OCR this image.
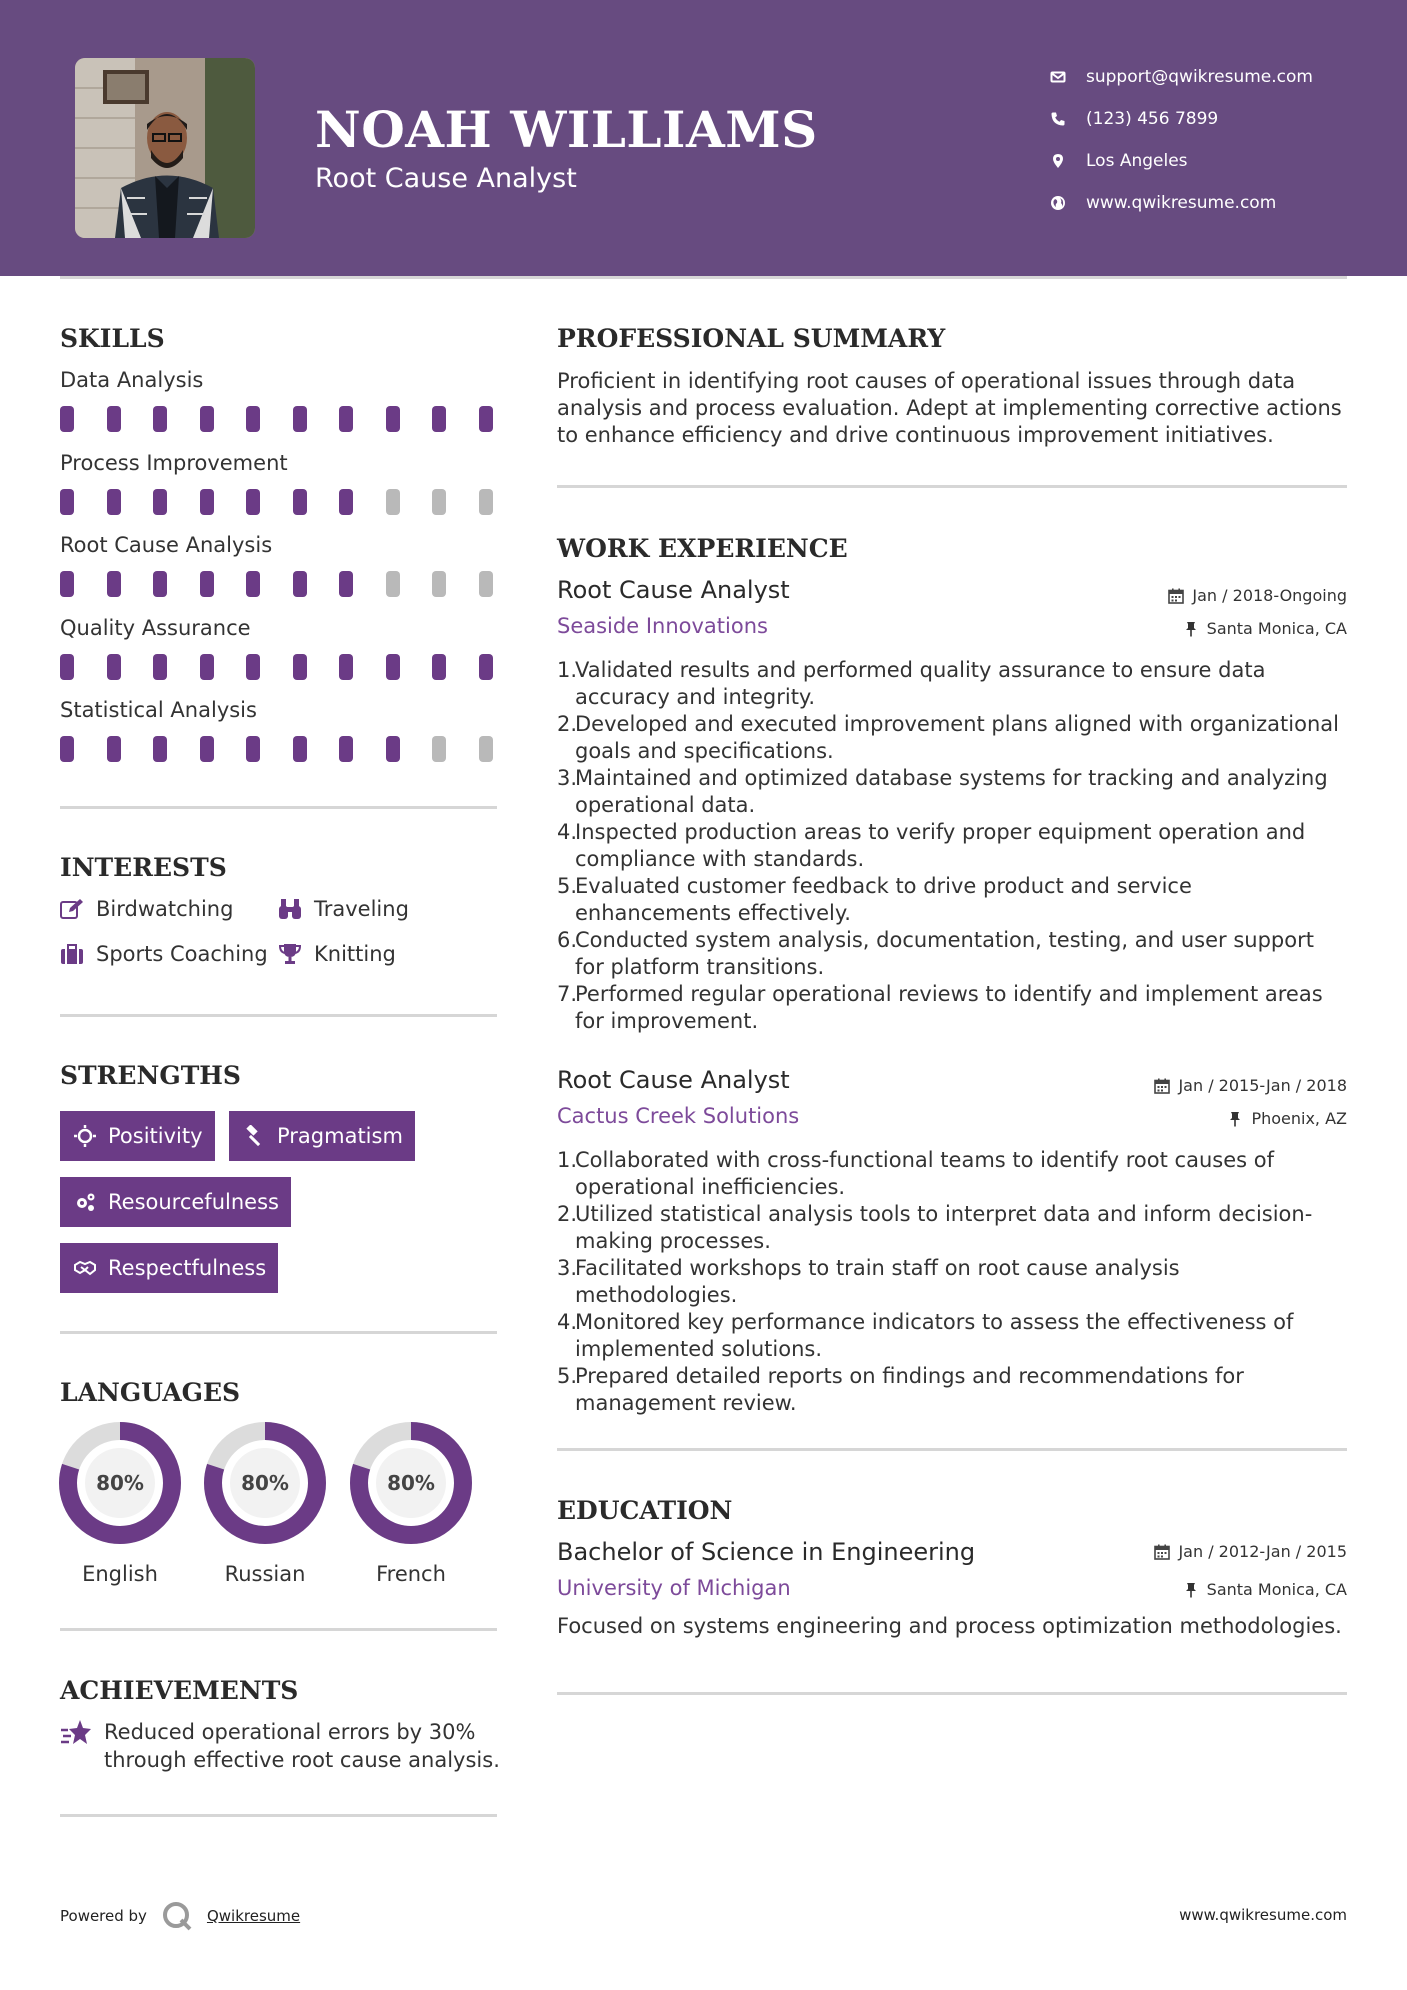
NOAH WILLIAMS
Root Cause Analyst
support@qwikresume.com
(123) 456 7899
Los Angeles
www.qwikresume.com
SKILLS
Data Analysis
Process Improvement
Root Cause Analysis
Quality Assurance
Statistical Analysis
INTERESTS
Birdwatching	Traveling
Sports Coaching Knitting
STRENGTHS
Positivity	Pragmatism
Resourcefulness
Respectfulness
LANGUAGES
80%
English
80%
Russian
80%
French
ACHIEVEMENTS
Reduced operational errors by 30% through effective root cause analysis.
PROFESSIONAL SUMMARY
Proficient in identifying root causes of operational issues through data analysis and process evaluation. Adept at implementing corrective actions to enhance efficiency and drive continuous improvement initiatives.
WORK EXPERIENCE
Root Cause Analyst	Jan / 2018-Ongoing
Seaside Innovations	Santa Monica, CA
1.
Validated results and performed quality assurance to ensure data accuracy and integrity.
2.
Developed and executed improvement plans aligned with organizational goals and specifications.
3.
Maintained and optimized database systems for tracking and analyzing operational data.
4.
Inspected production areas to verify proper equipment operation and compliance with standards.
5.
Evaluated customer feedback to drive product and service enhancements effectively.
6.
Conducted system analysis, documentation, testing, and user support for platform transitions.
7.
Performed regular operational reviews to identify and implement areas for improvement.
Root Cause Analyst	Jan / 2015-Jan / 2018
Cactus Creek Solutions	Phoenix, AZ
1.
Collaborated with cross-functional teams to identify root causes of operational inefficiencies.
2.
Utilized statistical analysis tools to interpret data and inform decision-making processes.
3.
Facilitated workshops to train staff on root cause analysis methodologies.
4.
Monitored key performance indicators to assess the effectiveness of implemented solutions.
5.
Prepared detailed reports on findings and recommendations for management review.
EDUCATION
Bachelor of Science in Engineering	Jan / 2012-Jan / 2015
University of Michigan	Santa Monica, CA
Focused on systems engineering and process optimization methodologies.
Powered by	Qwikresume	www.qwikresume.com
